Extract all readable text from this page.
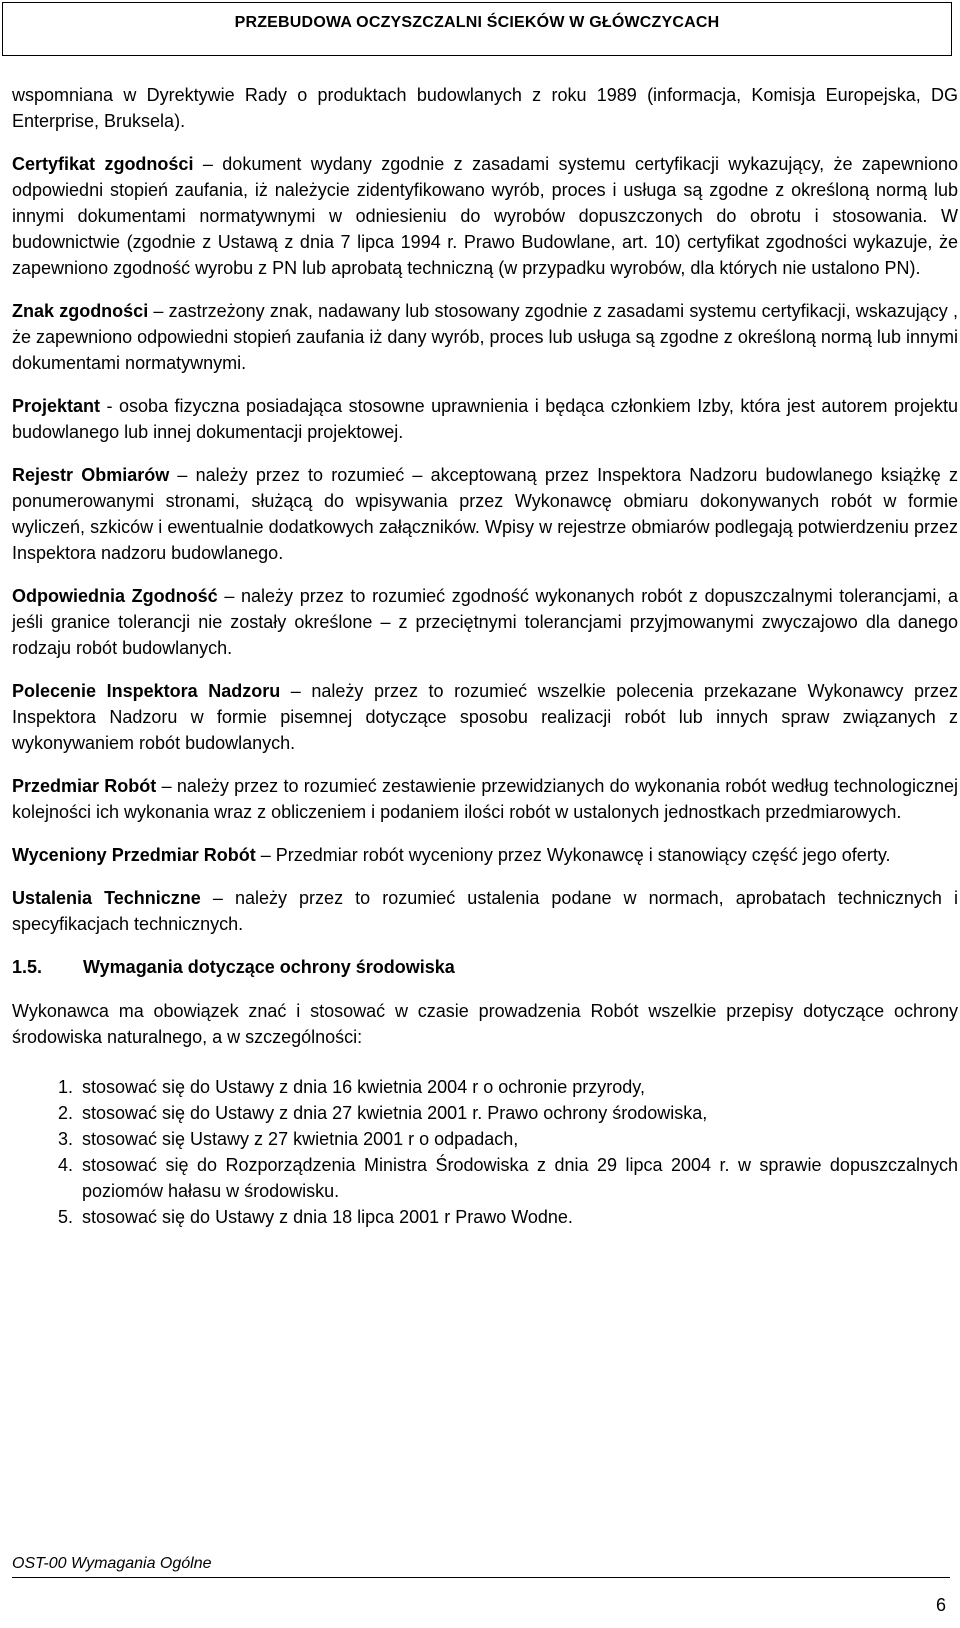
PRZEBUDOWA OCZYSZCZALNI ŚCIEKÓW W GŁÓWCZYCACH

wspomniana w Dyrektywie Rady o produktach budowlanych z roku 1989 (informacja, Komisja Europejska, DG Enterprise, Bruksela).

Certyfikat zgodności – dokument wydany zgodnie z zasadami systemu certyfikacji wykazujący, że zapewniono odpowiedni stopień zaufania, iż należycie zidentyfikowano wyrób, proces i usługa są zgodne z określoną normą lub innymi dokumentami normatywnymi w odniesieniu do wyrobów dopuszczonych do obrotu i stosowania. W budownictwie (zgodnie z Ustawą z dnia 7 lipca 1994 r. Prawo Budowlane, art. 10) certyfikat zgodności wykazuje, że zapewniono zgodność wyrobu z PN lub aprobatą techniczną (w przypadku wyrobów, dla których nie ustalono PN).

Znak zgodności – zastrzeżony znak, nadawany lub stosowany zgodnie z zasadami systemu certyfikacji, wskazujący , że zapewniono odpowiedni stopień zaufania iż dany wyrób, proces lub usługa są zgodne z określoną normą lub innymi dokumentami normatywnymi.

Projektant - osoba fizyczna posiadająca stosowne uprawnienia i będąca członkiem Izby, która jest autorem projektu budowlanego lub innej dokumentacji projektowej.

Rejestr Obmiarów – należy przez to rozumieć – akceptowaną przez Inspektora Nadzoru budowlanego książkę z ponumerowanymi stronami, służącą do wpisywania przez Wykonawcę obmiaru dokonywanych robót w formie wyliczeń, szkiców i ewentualnie dodatkowych załączników. Wpisy w rejestrze obmiarów podlegają potwierdzeniu przez Inspektora nadzoru budowlanego.

Odpowiednia Zgodność – należy przez to rozumieć zgodność wykonanych robót z dopuszczalnymi tolerancjami, a jeśli granice tolerancji nie zostały określone – z przeciętnymi tolerancjami przyjmowanymi zwyczajowo dla danego rodzaju robót budowlanych.

Polecenie Inspektora Nadzoru – należy przez to rozumieć wszelkie polecenia przekazane Wykonawcy przez Inspektora Nadzoru w formie pisemnej dotyczące sposobu realizacji robót lub innych spraw związanych z wykonywaniem robót budowlanych.

Przedmiar Robót – należy przez to rozumieć zestawienie przewidzianych do wykonania robót według technologicznej kolejności ich wykonania wraz z obliczeniem i podaniem ilości robót w ustalonych jednostkach przedmiarowych.

Wyceniony Przedmiar Robót – Przedmiar robót wyceniony przez Wykonawcę i stanowiący część jego oferty.

Ustalenia Techniczne – należy przez to rozumieć ustalenia podane w normach, aprobatach technicznych i specyfikacjach technicznych.

1.5. Wymagania dotyczące ochrony środowiska

Wykonawca ma obowiązek znać i stosować w czasie prowadzenia Robót wszelkie przepisy dotyczące ochrony środowiska naturalnego, a w szczególności:

1. stosować się do Ustawy z dnia 16 kwietnia 2004 r o ochronie przyrody,
2. stosować się do Ustawy z dnia 27 kwietnia 2001 r. Prawo ochrony środowiska,
3. stosować się Ustawy z 27 kwietnia 2001 r o odpadach,
4. stosować się do Rozporządzenia Ministra Środowiska z dnia 29 lipca 2004 r. w sprawie dopuszczalnych poziomów hałasu w środowisku.
5. stosować się do Ustawy z dnia 18 lipca 2001 r Prawo Wodne.
OST-00 Wymagania Ogólne
6
